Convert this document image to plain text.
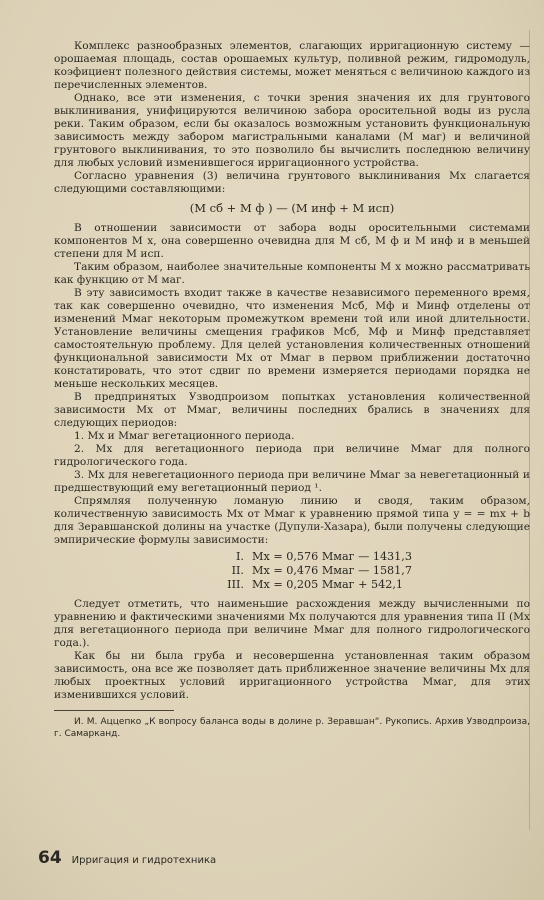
Комплекс разнообразных элементов, слагающих ирригационную систему — орошаемая площадь, состав орошаемых культур, поливной режим, гидромодуль, коэфициент полезного действия системы, может меняться с величиною каждого из перечисленных элементов.

Однако, все эти изменения, с точки зрения значения их для грунтового выклинивания, унифицируются величиною забора оросительной воды из русла реки. Таким образом, если бы оказалось возможным установить функциональную зависимость между забором магистральными каналами (М маг) и величиной грунтового выклинивания, то это позволило бы вычислить последнюю величину для любых условий изменившегося ирригационного устройства.

Согласно уравнения (3) величина грунтового выклинивания Мх слагается следующими составляющими:

(М сб + М ф ) — (М инф + М исп)

В отношении зависимости от забора воды оросительными системами компонентов М х, она совершенно очевидна для М сб, М ф и М инф и в меньшей степени для М исп.

Таким образом, наиболее значительные компоненты М х можно рассматривать как функцию от М маг.

В эту зависимость входит также в качестве независимого переменного время, так как совершенно очевидно, что изменения Мсб, Мф и Минф отделены от изменений Ммаг некоторым промежутком времени той или иной длительности. Установление величины смещения графиков Мсб, Мф и Минф представляет самостоятельную проблему. Для целей установления количественных отношений функциональной зависимости Мх от Ммаг в первом приближении достаточно констатировать, что этот сдвиг по времени измеряется периодами порядка не меньше нескольких месяцев.

В предпринятых Узводпроизом попытках установления количественной зависимости Мх от Ммаг, величины последних брались в значениях для следующих периодов:

1. Мх и Ммаг вегетационного периода.

2. Мх для вегетационного периода при величине Ммаг для полного гидрологического года.

3. Мх для невегетационного периода при величине Ммаг за невегетационный и предшествующий ему вегетационный период ¹.

Спрямляя полученную ломаную линию и сводя, таким образом, количественную зависимость Мх от Ммаг к уравнению прямой типа y = = mx + b для Зеравшанской долины на участке (Дупули-Хазара), были получены следующие эмпирические формулы зависимости:

I. Мх = 0,576 Ммаг — 1431,3
II. Мх = 0,476 Ммаг — 1581,7
III. Мх = 0,205 Ммаг + 542,1

Следует отметить, что наименьшие расхождения между вычисленными по уравнению и фактическими значениями Мх получаются для уравнения типа II (Мх для вегетационного периода при величине Ммаг для полного гидрологического года.).

Как бы ни была груба и несовершенна установленная таким образом зависимость, она все же позволяет дать приближенное значение величины Мх для любых проектных условий ирригационного устройства Ммаг, для этих изменившихся условий.

И. М. Аццепко „К вопросу баланса воды в долине р. Зеравшан“. Рукопись. Архив Узводпроиза, г. Самарканд.

64 Ирригация и гидротехника
